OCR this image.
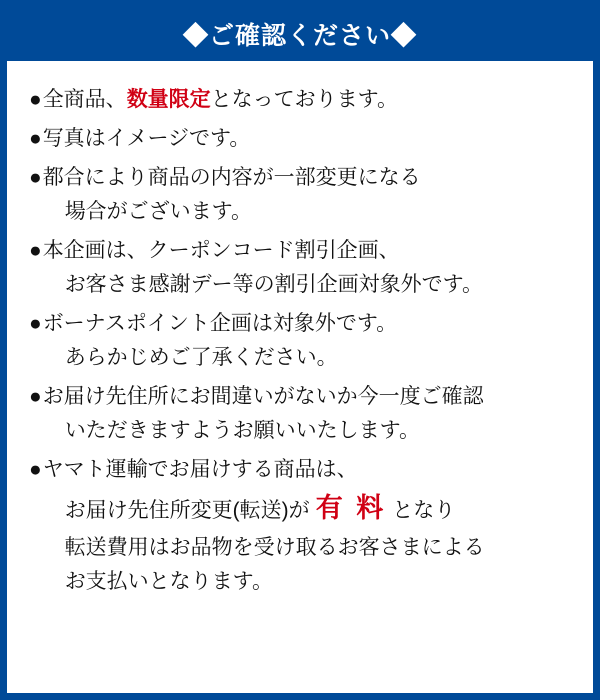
◆ご確認ください◆
● 全商品、数量限定となっております。
● 写真はイメージです。
● 都合により商品の内容が一部変更になる
場合がございます。
● 本企画は、クーポンコード割引企画、
お客さま感謝デー等の割引企画対象外です。
● ボーナスポイント企画は対象外です。
あらかじめご了承ください。
● お届け先住所にお間違いがないか今一度ご確認
いただきますようお願いいたします。
● ヤマト運輸でお届けする商品は、
お届け先住所変更(転送)が 有 料 となり
転送費用はお品物を受け取るお客さまによる
お支払いとなります。
